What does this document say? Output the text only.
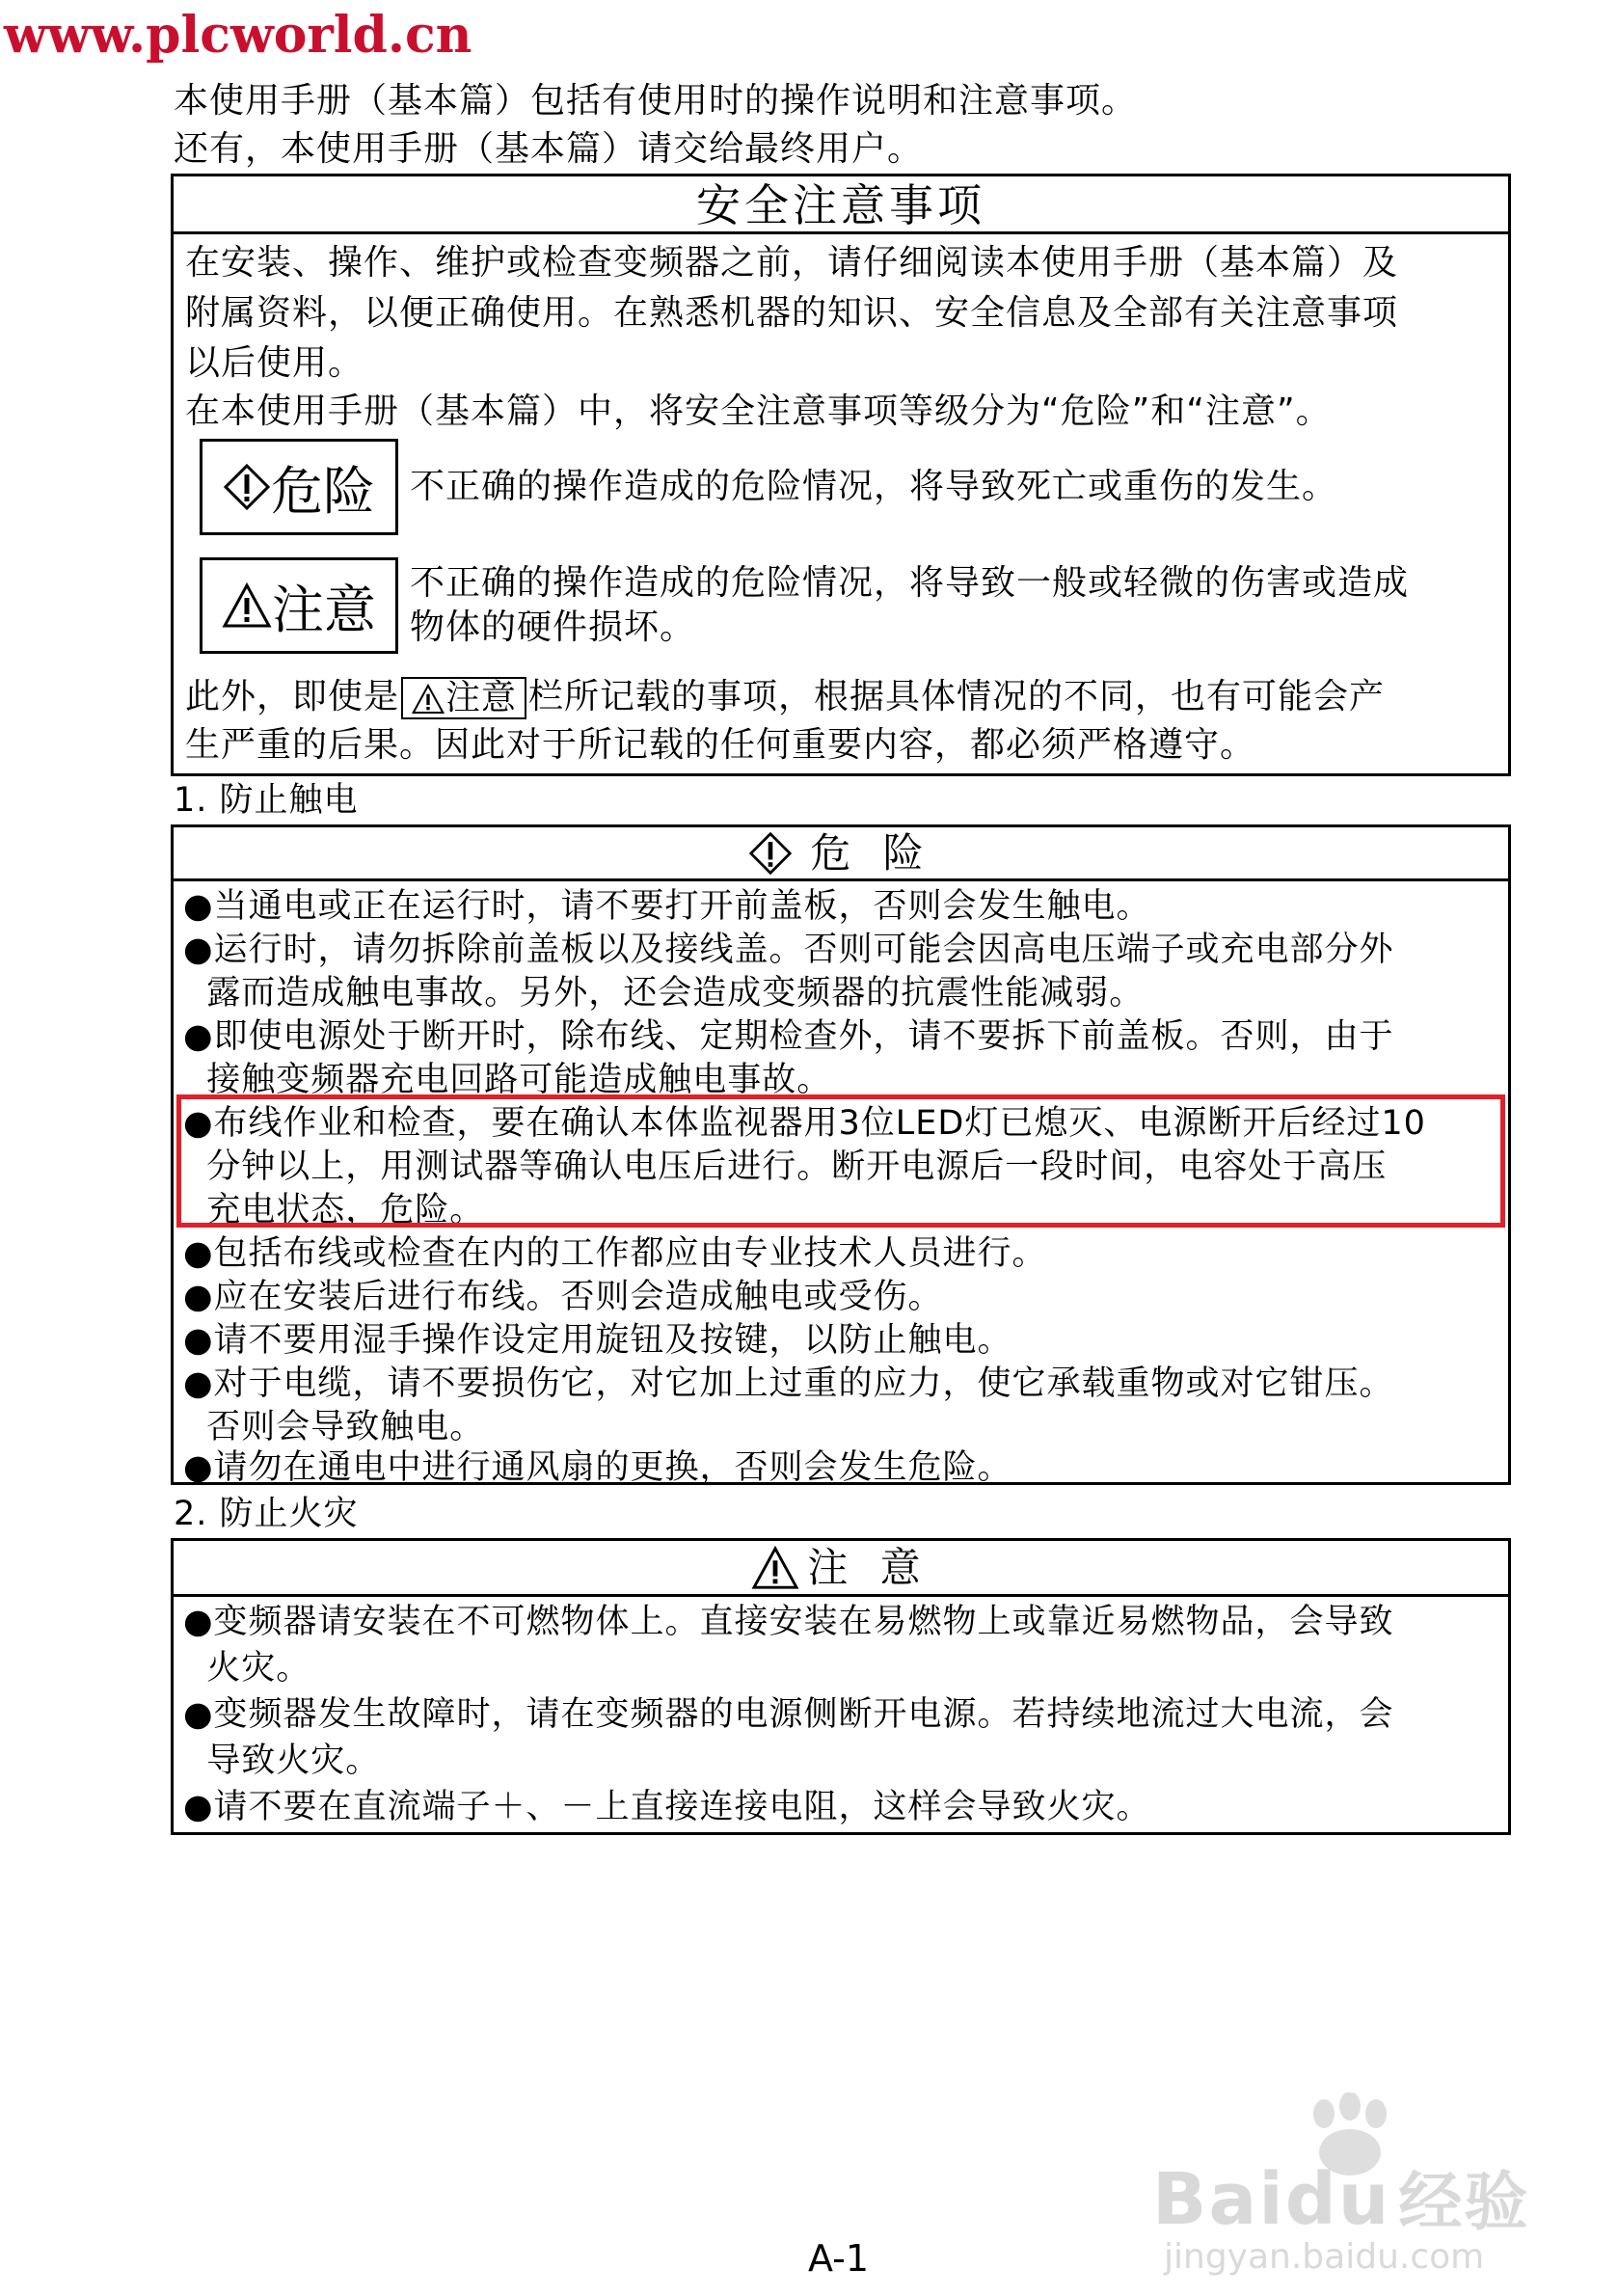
www.plcworld.cn
本使用手册（基本篇）包括有使用时的操作说明和注意事项。
还有，本使用手册（基本篇）请交给最终用户。
安全注意事项
在安装、操作、维护或检查变频器之前，请仔细阅读本使用手册（基本篇）及
附属资料，以便正确使用。在熟悉机器的知识、安全信息及全部有关注意事项
以后使用。
在本使用手册（基本篇）中，将安全注意事项等级分为“危险”和“注意”。
危险 不正确的操作造成的危险情况，将导致死亡或重伤的发生。
注意 不正确的操作造成的危险情况，将导致一般或轻微的伤害或造成
物体的硬件损坏。
此外，即使是 注意 栏所记载的事项，根据具体情况的不同，也有可能会产
生严重的后果。因此对于所记载的任何重要内容，都必须严格遵守。
1. 防止触电
危 险
●当通电或正在运行时，请不要打开前盖板，否则会发生触电。
●运行时，请勿拆除前盖板以及接线盖。否则可能会因高电压端子或充电部分外
露而造成触电事故。另外，还会造成变频器的抗震性能减弱。
●即使电源处于断开时，除布线、定期检查外，请不要拆下前盖板。否则，由于
接触变频器充电回路可能造成触电事故。
●布线作业和检查，要在确认本体监视器用3位LED灯已熄灭、电源断开后经过10
分钟以上，用测试器等确认电压后进行。断开电源后一段时间，电容处于高压
充电状态，危险。
●包括布线或检查在内的工作都应由专业技术人员进行。
●应在安装后进行布线。否则会造成触电或受伤。
●请不要用湿手操作设定用旋钮及按键，以防止触电。
●对于电缆，请不要损伤它，对它加上过重的应力，使它承载重物或对它钳压。
否则会导致触电。
●请勿在通电中进行通风扇的更换，否则会发生危险。
2. 防止火灾
注 意
●变频器请安装在不可燃物体上。直接安装在易燃物上或靠近易燃物品，会导致
火灾。
●变频器发生故障时，请在变频器的电源侧断开电源。若持续地流过大电流，会
导致火灾。
●请不要在直流端子＋、－上直接连接电阻，这样会导致火灾。
Baidu 经验
jingyan.baidu.com
A-1
